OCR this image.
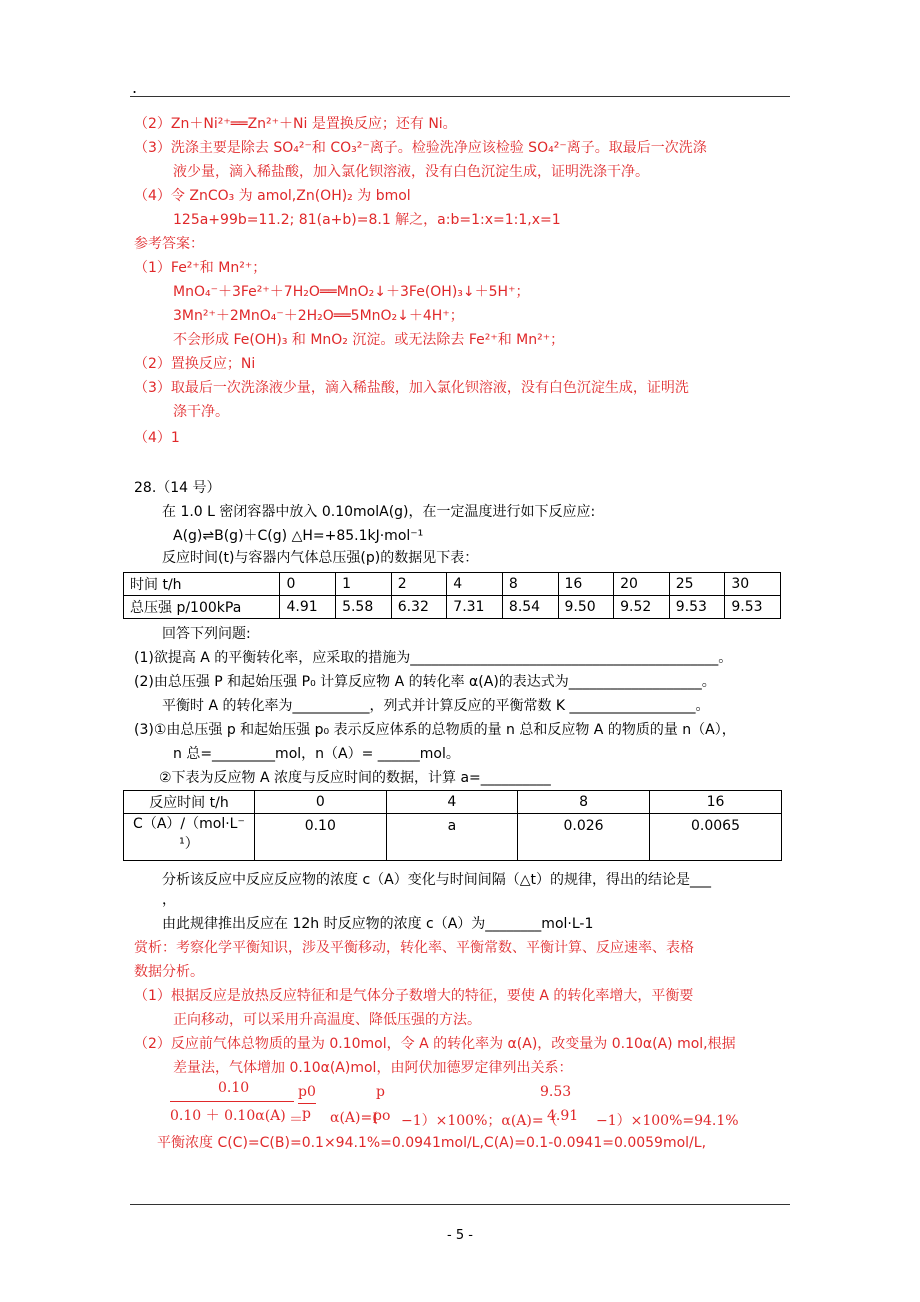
.
（2）Zn＋Ni²⁺══Zn²⁺＋Ni 是置换反应；还有 Ni。
（3）洗涤主要是除去 SO₄²⁻和 CO₃²⁻离子。检验洗净应该检验 SO₄²⁻离子。取最后一次洗涤
液少量，滴入稀盐酸，加入氯化钡溶液，没有白色沉淀生成，证明洗涤干净。
（4）令 ZnCO₃ 为 amol,Zn(OH)₂ 为 bmol
125a+99b=11.2; 81(a+b)=8.1 解之，a:b=1:x=1:1,x=1
参考答案：
（1）Fe²⁺和 Mn²⁺；
MnO₄⁻＋3Fe²⁺＋7H₂O══MnO₂↓＋3Fe(OH)₃↓＋5H⁺；
3Mn²⁺＋2MnO₄⁻＋2H₂O══5MnO₂↓＋4H⁺；
不会形成 Fe(OH)₃ 和 MnO₂ 沉淀。或无法除去 Fe²⁺和 Mn²⁺；
（2）置换反应；Ni
（3）取最后一次洗涤液少量，滴入稀盐酸，加入氯化钡溶液，没有白色沉淀生成，证明洗
涤干净。
（4）1
28.（14 号）
在 1.0 L 密闭容器中放入 0.10molA(g)，在一定温度进行如下反应应:
A(g)⇌B(g)＋C(g) △H=+85.1kJ·mol⁻¹
反应时间(t)与容器内气体总压强(p)的数据见下表：
时间 t/h	0	1	2	4	8	16	20	25	30
总压强 p/100kPa	4.91	5.58	6.32	7.31	8.54	9.50	9.52	9.53	9.53
回答下列问题:
(1)欲提高 A 的平衡转化率，应采取的措施为____________________________________________。
(2)由总压强 P 和起始压强 P₀ 计算反应物 A 的转化率 α(A)的表达式为___________________。
平衡时 A 的转化率为___________，列式并计算反应的平衡常数 K __________________。
(3)①由总压强 p 和起始压强 p₀ 表示反应体系的总物质的量 n 总和反应物 A 的物质的量 n（A），
n 总=_________mol，n（A）= ______mol。
②下表为反应物 A 浓度与反应时间的数据，计算 a=__________
反应时间 t/h	0	4	8	16
C（A）/（mol·L⁻
¹）	0.10	a	0.026	0.0065
分析该反应中反应反应物的浓度 c（A）变化与时间间隔（△t）的规律，得出的结论是___
，
由此规律推出反应在 12h 时反应物的浓度 c（A）为________mol·L-1
赏析：考察化学平衡知识，涉及平衡移动，转化率、平衡常数、平衡计算、反应速率、表格
数据分析。
（1）根据反应是放热反应特征和是气体分子数增大的特征，要使 A 的转化率增大，平衡要
正向移动，可以采用升高温度、降低压强的方法。
（2）反应前气体总物质的量为 0.10mol，令 A 的转化率为 α(A)，改变量为 0.10α(A) mol,根据
差量法，气体增加 0.10α(A)mol，由阿伏加德罗定律列出关系：
0.10
0.10 ＋ 0.10α(A) ＝
p0
p α(A)=(
p
po −1）×100%；α(A)=（
9.53
4.91 −1）×100%=94.1%
平衡浓度 C(C)=C(B)=0.1×94.1%=0.0941mol/L,C(A)=0.1-0.0941=0.0059mol/L,
- 5 -
